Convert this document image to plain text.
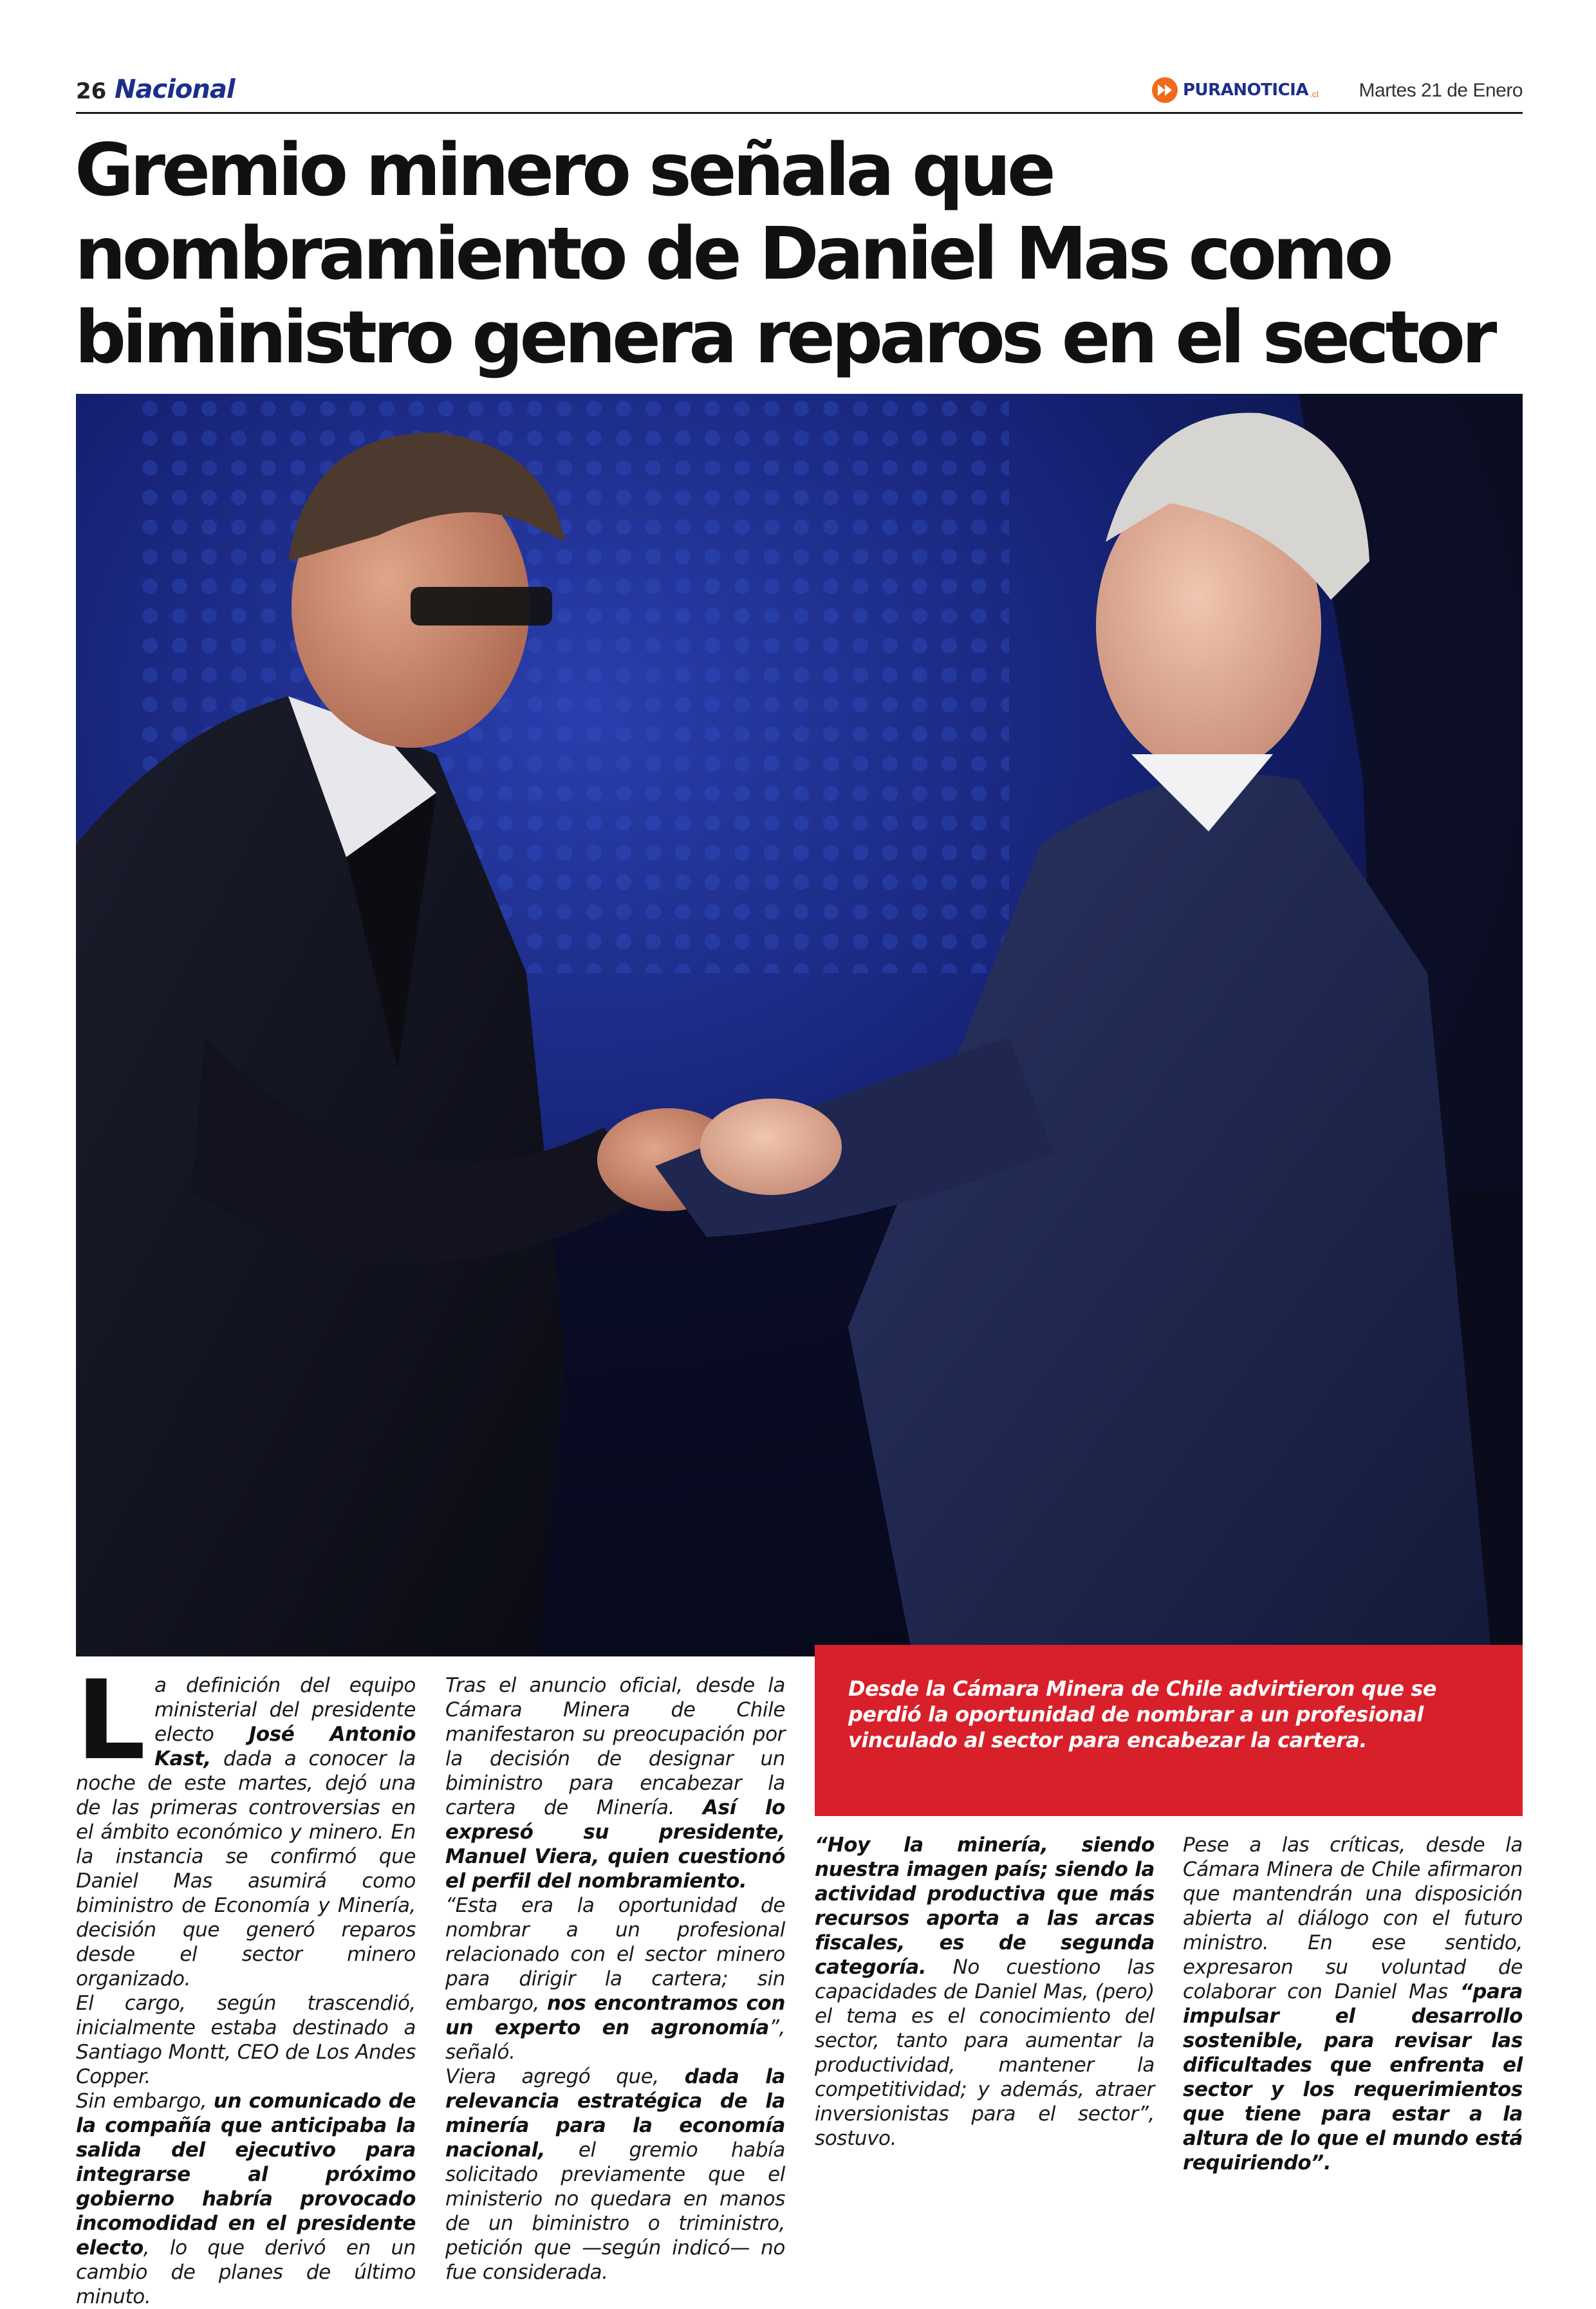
26 Nacional	PURANOTICIA .cl Martes 21 de Enero
Gremio minero señala que nombramiento de Daniel Mas como biministro genera reparos en el sector

Desde la Cámara Minera de Chile advirtieron que se perdió la oportunidad de nombrar a un profesional vinculado al sector para encabezar la cartera.

La definición del equipo ministerial del presidente electo José Antonio Kast, dada a conocer la noche de este martes, dejó una de las primeras controversias en el ámbito económico y minero. En la instancia se confirmó que Daniel Mas asumirá como biministro de Economía y Minería, decisión que generó reparos desde el sector minero organizado.

El cargo, según trascendió, inicialmente estaba destinado a Santiago Montt, CEO de Los Andes Copper.

Sin embargo, un comunicado de la compañía que anticipaba la salida del ejecutivo para integrarse al próximo gobierno habría provocado incomodidad en el presidente electo, lo que derivó en un cambio de planes de último minuto.

Tras el anuncio oficial, desde la Cámara Minera de Chile manifestaron su preocupación por la decisión de designar un biministro para encabezar la cartera de Minería. Así lo expresó su presidente, Manuel Viera, quien cuestionó el perfil del nombramiento.

“Esta era la oportunidad de nombrar a un profesional relacionado con el sector minero para dirigir la cartera; sin embargo, nos encontramos con un experto en agronomía”, señaló.

Viera agregó que, dada la relevancia estratégica de la minería para la economía nacional, el gremio había solicitado previamente que el ministerio no quedara en manos de un biministro o triministro, petición que —según indicó— no fue considerada.

“Hoy la minería, siendo nuestra imagen país; siendo la actividad productiva que más recursos aporta a las arcas fiscales, es de segunda categoría. No cuestiono las capacidades de Daniel Mas, (pero) el tema es el conocimiento del sector, tanto para aumentar la productividad, mantener la competitividad; y además, atraer inversionistas para el sector”, sostuvo.

Pese a las críticas, desde la Cámara Minera de Chile afirmaron que mantendrán una disposición abierta al diálogo con el futuro ministro. En ese sentido, expresaron su voluntad de colaborar con Daniel Mas “para impulsar el desarrollo sostenible, para revisar las dificultades que enfrenta el sector y los requerimientos que tiene para estar a la altura de lo que el mundo está requiriendo”.
